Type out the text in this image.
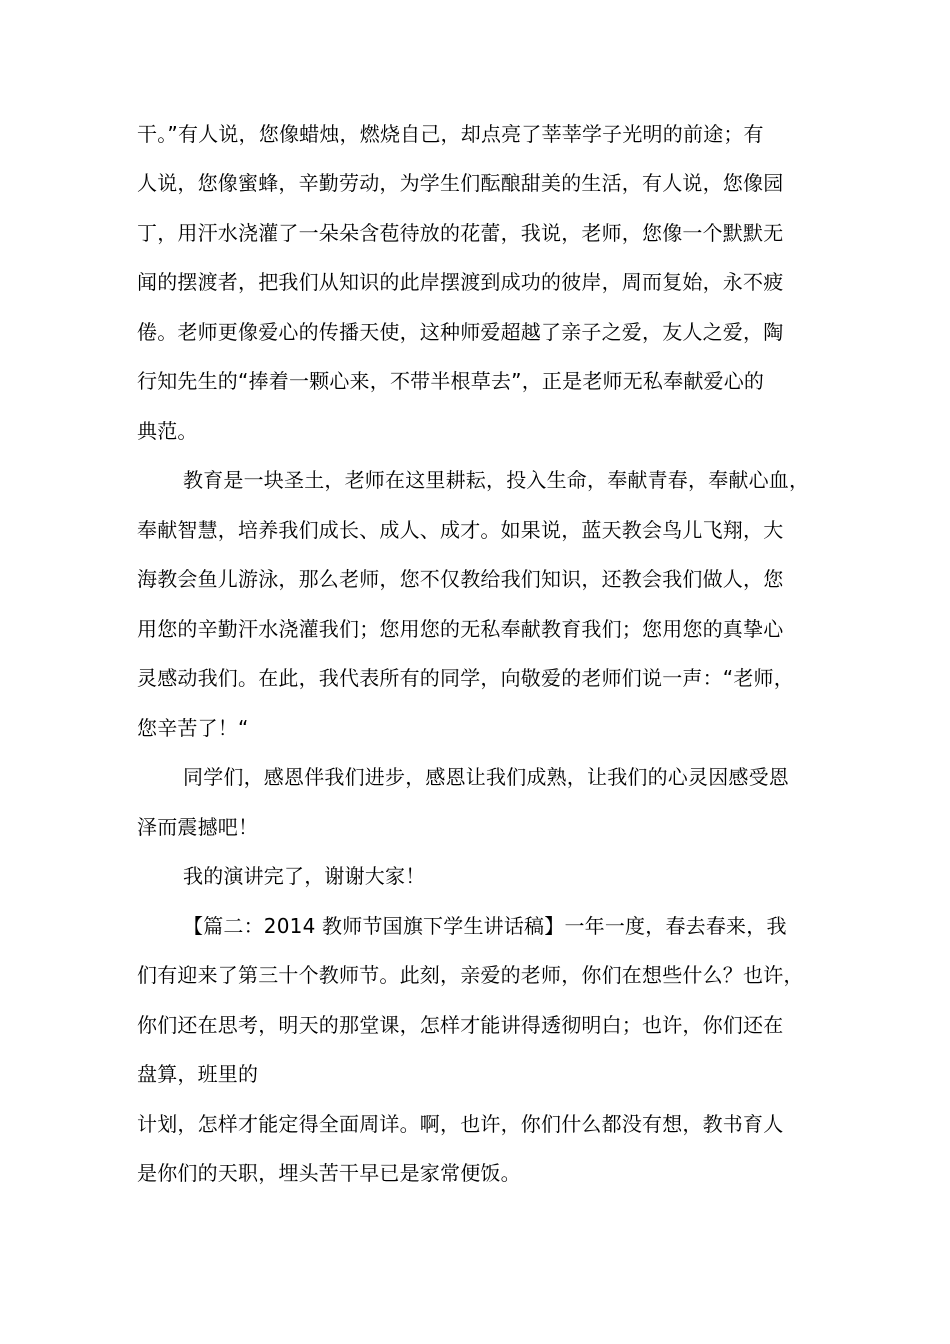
干。”有人说，您像蜡烛，燃烧自己，却点亮了莘莘学子光明的前途；有
人说，您像蜜蜂，辛勤劳动，为学生们酝酿甜美的生活，有人说，您像园
丁，用汗水浇灌了一朵朵含苞待放的花蕾，我说，老师，您像一个默默无
闻的摆渡者，把我们从知识的此岸摆渡到成功的彼岸，周而复始，永不疲
倦。老师更像爱心的传播天使，这种师爱超越了亲子之爱，友人之爱，陶
行知先生的“捧着一颗心来，不带半根草去”，正是老师无私奉献爱心的
典范。
教育是一块圣土，老师在这里耕耘，投入生命，奉献青春，奉献心血，
奉献智慧，培养我们成长、成人、成才。如果说，蓝天教会鸟儿飞翔，大
海教会鱼儿游泳，那么老师，您不仅教给我们知识，还教会我们做人，您
用您的辛勤汗水浇灌我们；您用您的无私奉献教育我们；您用您的真挚心
灵感动我们。在此，我代表所有的同学，向敬爱的老师们说一声：“老师，
您辛苦了！“
同学们，感恩伴我们进步，感恩让我们成熟，让我们的心灵因感受恩
泽而震撼吧！
我的演讲完了，谢谢大家！
【篇二：2014 教师节国旗下学生讲话稿】一年一度，春去春来，我
们有迎来了第三十个教师节。此刻，亲爱的老师，你们在想些什么？也许，
你们还在思考，明天的那堂课，怎样才能讲得透彻明白；也许，你们还在
盘算，班里的
计划，怎样才能定得全面周详。啊，也许，你们什么都没有想，教书育人
是你们的天职，埋头苦干早已是家常便饭。
